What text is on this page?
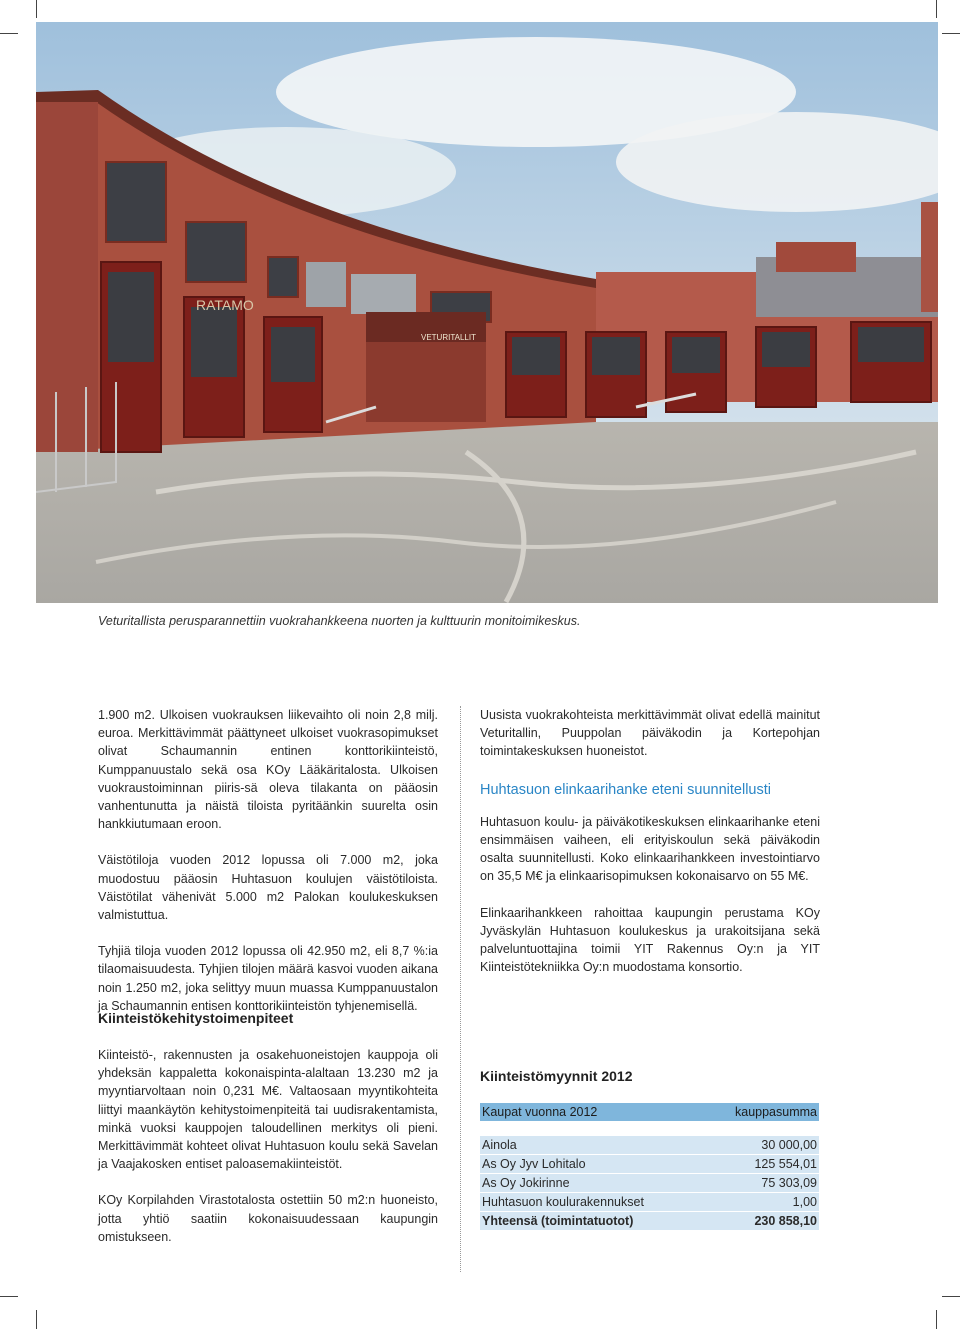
RATAMO
VETURITALLIT
Veturitallista perusparannettiin vuokrahankkeena nuorten ja kulttuurin monitoimikeskus.

1.900 m2. Ulkoisen vuokrauksen liikevaihto oli noin 2,8 milj. euroa. Merkittävimmät päättyneet ulkoiset vuokrasopimukset olivat Schaumannin entinen konttorikiinteistö, Kumppanuustalo sekä osa KOy Lääkäritalosta. Ulkoisen vuokraustoiminnan piiris-sä oleva tilakanta on pääosin vanhentunutta ja näistä tiloista pyritäänkin suurelta osin hankkiutumaan eroon.

Väistötiloja vuoden 2012 lopussa oli 7.000 m2, joka muodostuu pääosin Huhtasuon koulujen väistötiloista. Väistötilat vähenivät 5.000 m2 Palokan koulukeskuksen valmistuttua.

Tyhjiä tiloja vuoden 2012 lopussa oli 42.950 m2, eli 8,7 %:ia tilaomaisuudesta. Tyhjien tilojen määrä kasvoi vuoden aikana noin 1.250 m2, joka selittyy muun muassa Kumppanuustalon ja Schaumannin entisen konttorikiinteistön tyhjenemisellä.

Kiinteistökehitystoimenpiteet

Kiinteistö-, rakennusten ja osakehuoneistojen kauppoja oli yhdeksän kappaletta kokonaispinta-alaltaan 13.230 m2 ja myyntiarvoltaan noin 0,231 M€. Valtaosaan myyntikohteita liittyi maankäytön kehitystoimenpiteitä tai uudisrakentamista, minkä vuoksi kauppojen taloudellinen merkitys oli pieni. Merkittävimmät kohteet olivat Huhtasuon koulu sekä Savelan ja Vaajakosken entiset paloasemakiinteistöt.

KOy Korpilahden Virastotalosta ostettiin 50 m2:n huoneisto, jotta yhtiö saatiin kokonaisuudessaan kaupungin omistukseen.

Uusista vuokrakohteista merkittävimmät olivat edellä mainitut Veturitallin, Puuppolan päiväkodin ja Kortepohjan toimintakeskuksen huoneistot.

Huhtasuon elinkaarihanke eteni suunnitellusti

Huhtasuon koulu- ja päiväkotikeskuksen elinkaarihanke eteni ensimmäisen vaiheen, eli erityiskoulun sekä päiväkodin osalta suunnitellusti. Koko elinkaarihankkeen investointiarvo on 35,5 M€ ja elinkaarisopimuksen kokonaisarvo on 55 M€.

Elinkaarihankkeen rahoittaa kaupungin perustama KOy Jyväskylän Huhtasuon koulukeskus ja urakoitsijana sekä palveluntuottajina toimii YIT Rakennus Oy:n ja YIT Kiinteistötekniikka Oy:n muodostama konsortio.

Kiinteistömyynnit 2012
Kaupat vuonna 2012	kauppasumma

Ainola	30 000,00
As Oy Jyv Lohitalo	125 554,01
As Oy Jokirinne	75 303,09
Huhtasuon koulurakennukset	1,00
Yhteensä (toimintatuotot)	230 858,10
